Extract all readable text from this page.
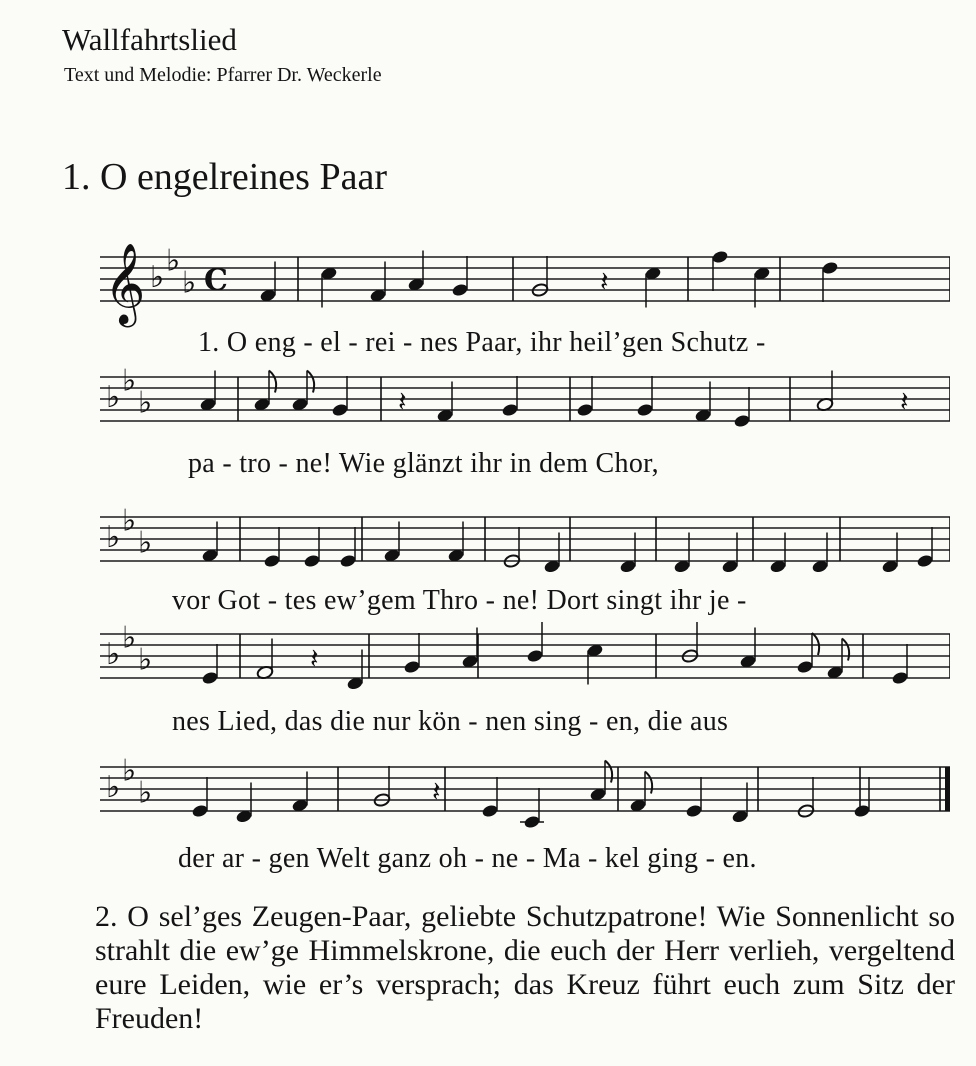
Wallfahrtslied
Text und Melodie: Pfarrer Dr. Weckerle
1. O engelreines Paar
𝄞 ♭ ♭
♭ C	𝄽
1. O eng - el - rei - nes Paar, ihr heil’gen Schutz -
♭ ♭
♭	𝄽	𝄽
pa - tro - ne! Wie glänzt ihr in dem Chor,
♭ ♭
♭
vor Got - tes ew’gem Thro - ne! Dort singt ihr je -
♭ ♭
♭	𝄽
nes Lied, das die nur kön - nen sing - en, die aus
♭ ♭
♭	𝄽
der ar - gen Welt ganz oh - ne - Ma - kel ging - en.
2. O sel’ges Zeugen-Paar, geliebte Schutzpatrone! Wie Sonnenlicht so strahlt die ew’ge Himmelskrone, die euch der Herr verlieh, vergeltend eure Leiden, wie er’s versprach; das Kreuz führt euch zum Sitz der Freuden!
